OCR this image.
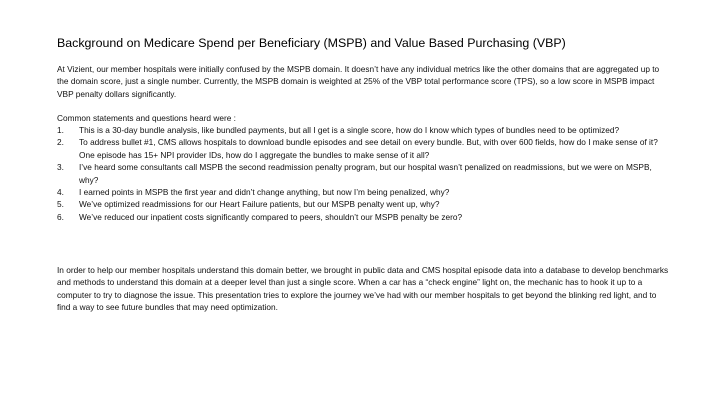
Background on Medicare Spend per Beneficiary (MSPB) and Value Based Purchasing (VBP)

At Vizient, our member hospitals were initially confused by the MSPB domain. It doesn’t have any individual metrics like the other domains that are aggregated up to the domain score, just a single number. Currently, the MSPB domain is weighted at 25% of the VBP total performance score (TPS), so a low score in MSPB impact VBP penalty dollars significantly.

Common statements and questions heard were :

1. This is a 30-day bundle analysis, like bundled payments, but all I get is a single score, how do I know which types of bundles need to be optimized?
2. To address bullet #1, CMS allows hospitals to download bundle episodes and see detail on every bundle. But, with over 600 fields, how do I make sense of it? One episode has 15+ NPI provider IDs, how do I aggregate the bundles to make sense of it all?
3. I’ve heard some consultants call MSPB the second readmission penalty program, but our hospital wasn’t penalized on readmissions, but we were on MSPB, why?
4. I earned points in MSPB the first year and didn’t change anything, but now I’m being penalized, why?
5. We’ve optimized readmissions for our Heart Failure patients, but our MSPB penalty went up, why?
6. We’ve reduced our inpatient costs significantly compared to peers, shouldn’t our MSPB penalty be zero?

In order to help our member hospitals understand this domain better, we brought in public data and CMS hospital episode data into a database to develop benchmarks and methods to understand this domain at a deeper level than just a single score. When a car has a “check engine” light on, the mechanic has to hook it up to a computer to try to diagnose the issue. This presentation tries to explore the journey we’ve had with our member hospitals to get beyond the blinking red light, and to find a way to see future bundles that may need optimization.
